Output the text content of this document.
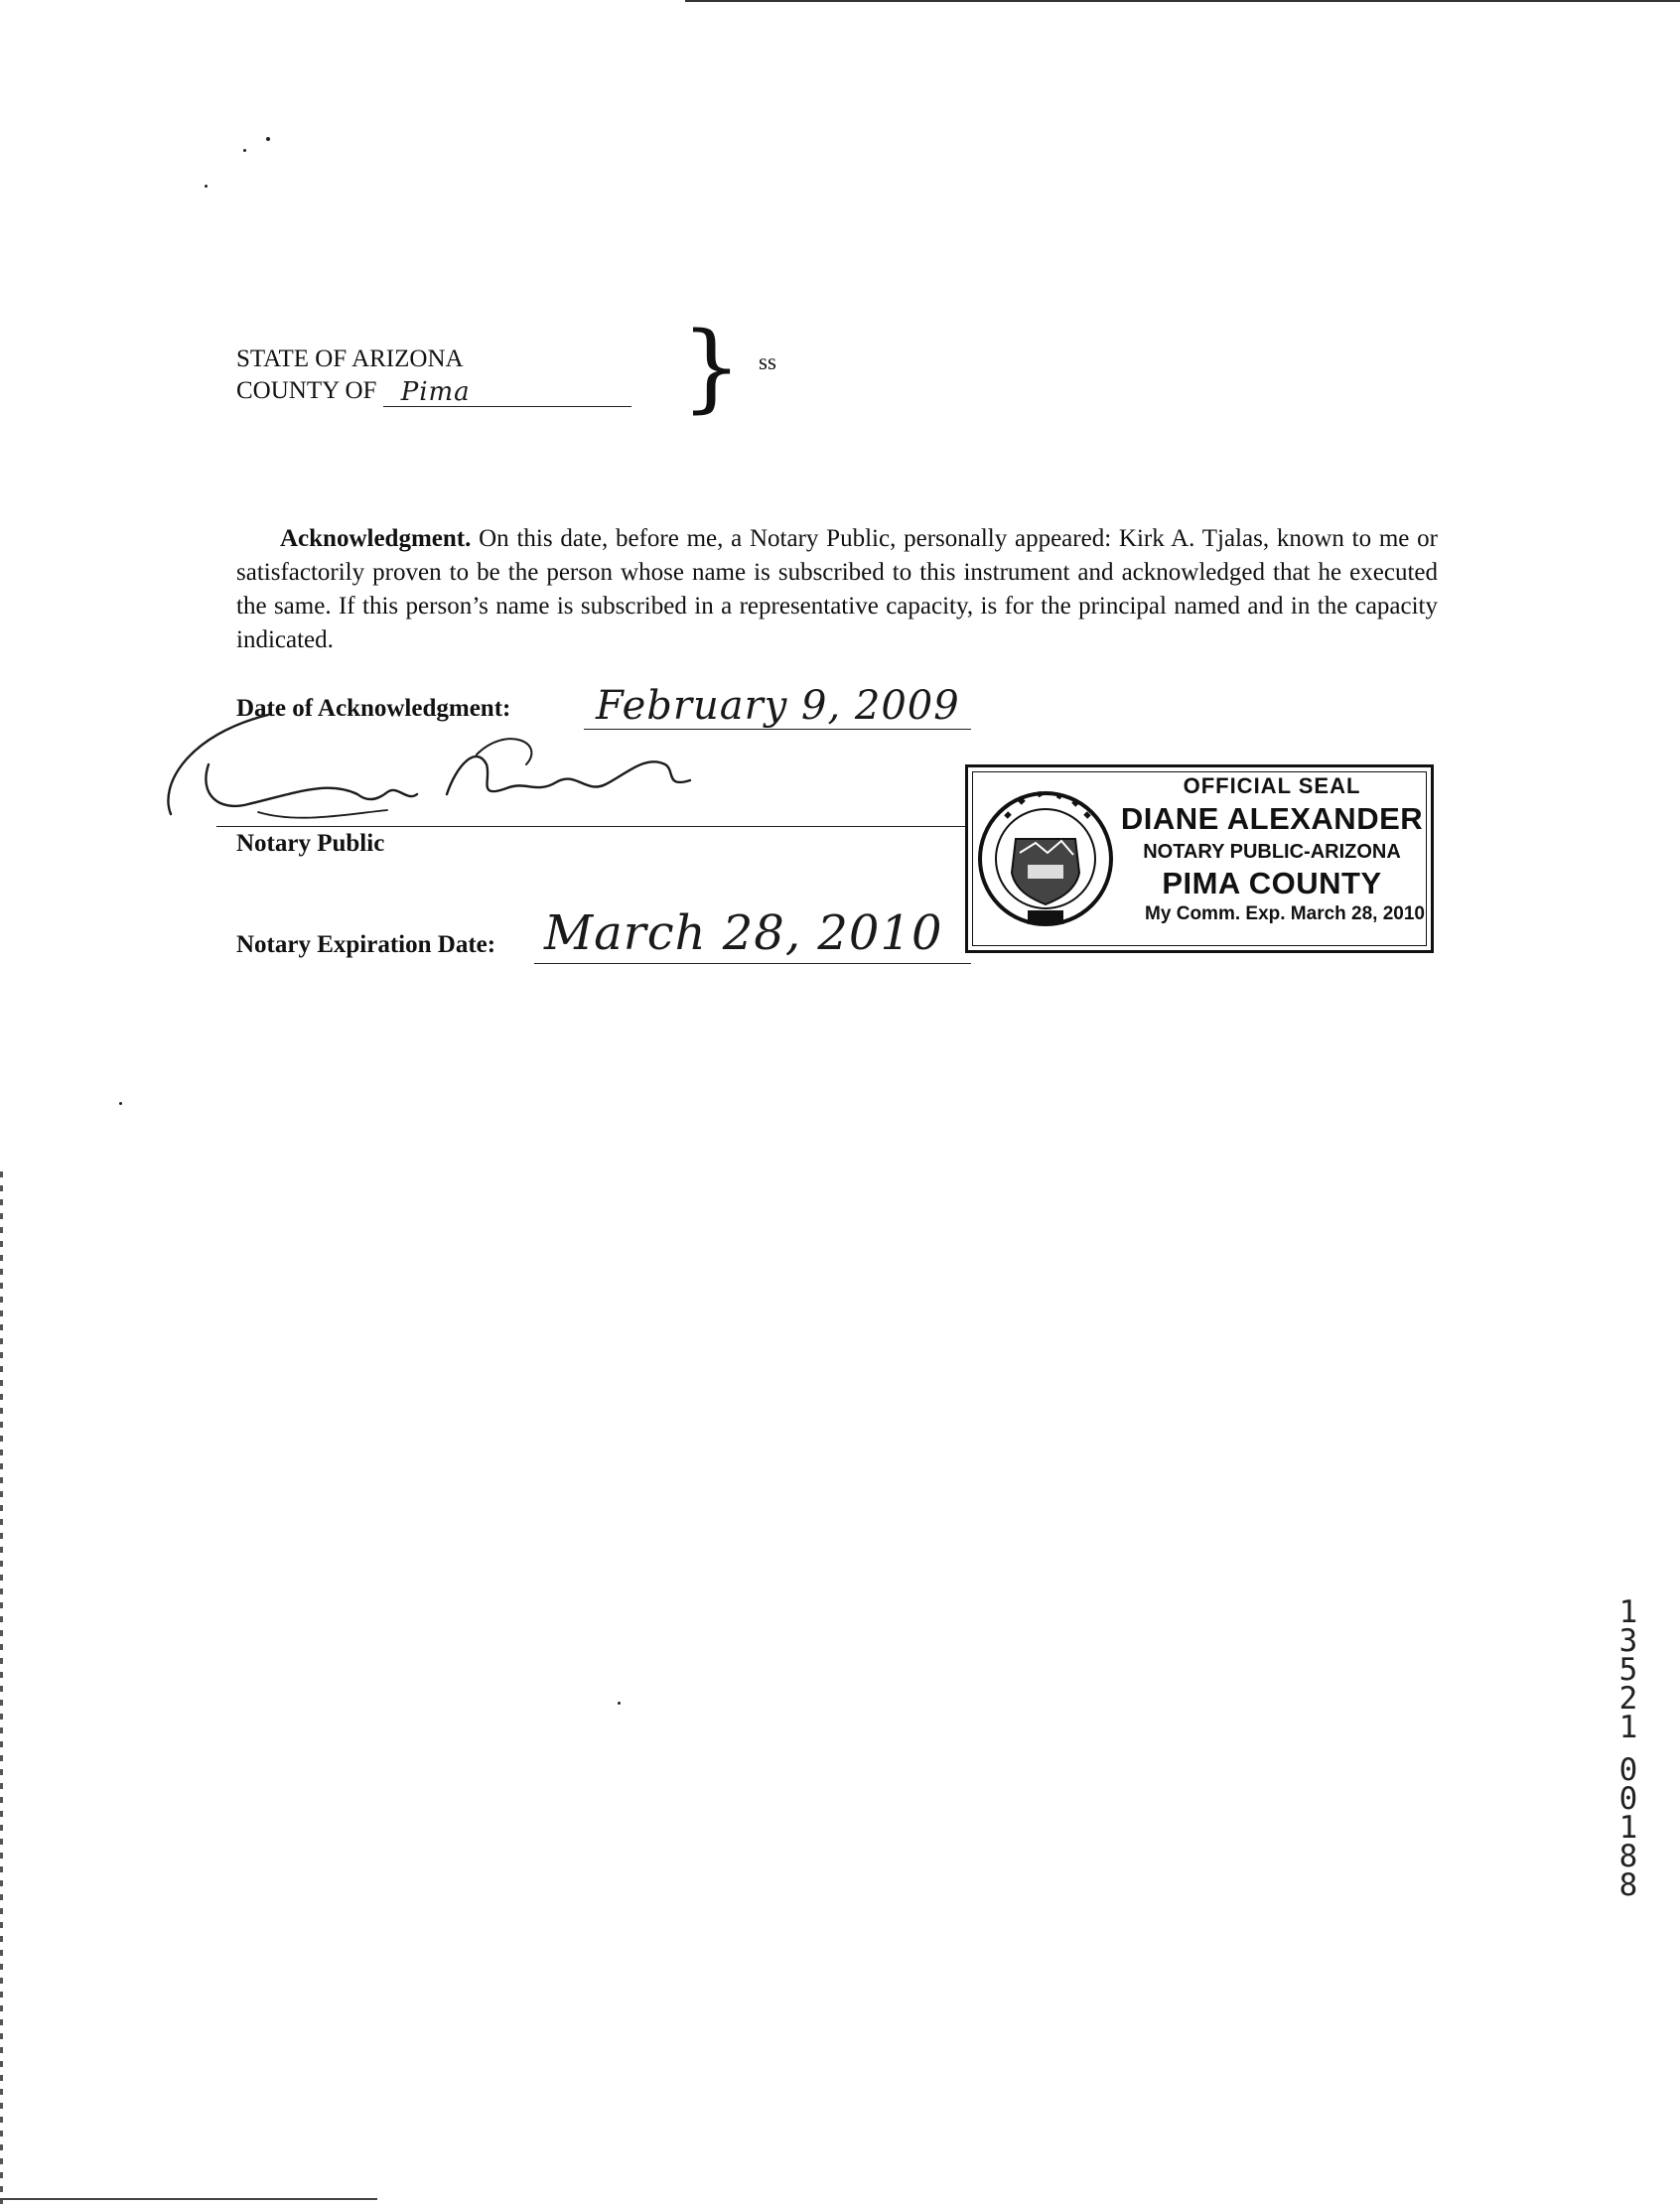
STATE OF ARIZONA
COUNTY OF Pima } ss
Acknowledgment. On this date, before me, a Notary Public, personally appeared: Kirk A. Tjalas, known to me or satisfactorily proven to be the person whose name is subscribed to this instrument and acknowledged that he executed the same. If this person’s name is subscribed in a representative capacity, is for the principal named and in the capacity indicated.
Date of Acknowledgment: February 9, 2009
Notary Public
Notary Expiration Date: March 28, 2010
OFFICIAL SEAL
DIANE ALEXANDER
NOTARY PUBLIC-ARIZONA
PIMA COUNTY
My Comm. Exp. March 28, 2010
1
3
5
2
1
0
0
1
8
8
